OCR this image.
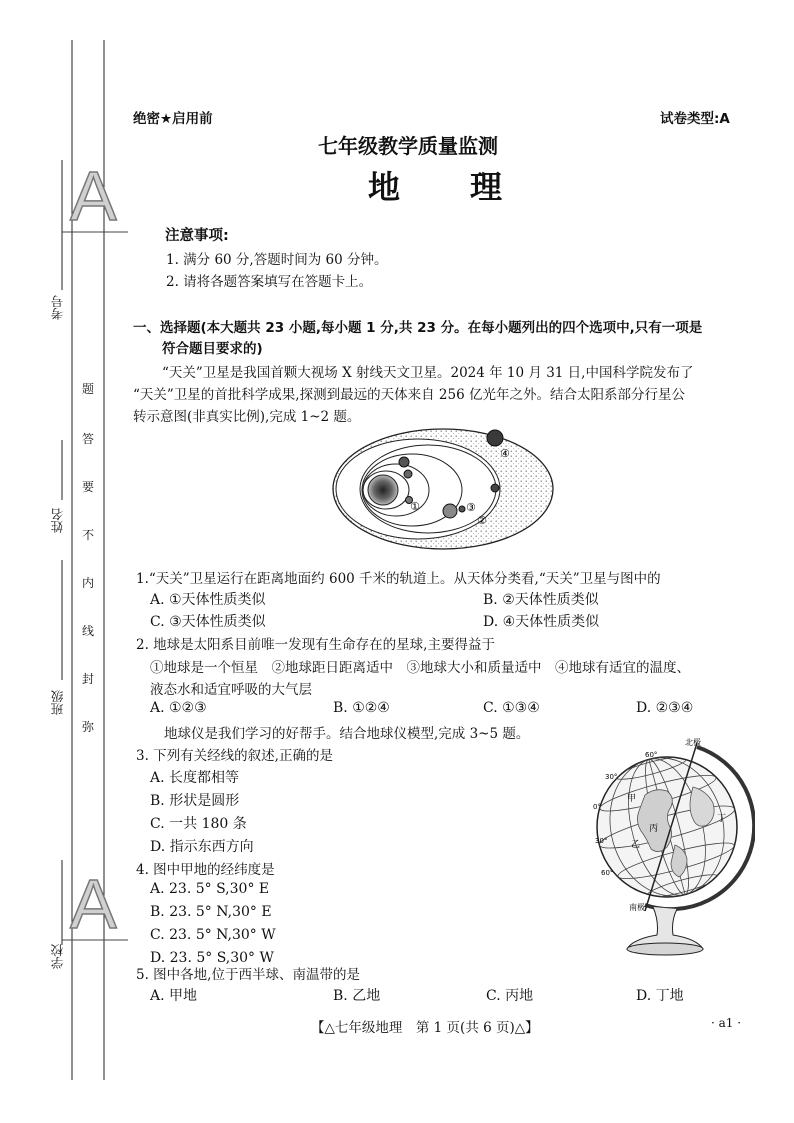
A
A
考号
姓名
班级
学校
题
答
要
不
内
线
封
弥
绝密★启用前	试卷类型:A
七年级教学质量监测
地　　理
注意事项:
1. 满分 60 分,答题时间为 60 分钟。
2. 请将各题答案填写在答题卡上。
一、选择题(本大题共 23 小题,每小题 1 分,共 23 分。在每小题列出的四个选项中,只有一项是
符合题目要求的)
“天关”卫星是我国首颗大视场 X 射线天文卫星。2024 年 10 月 31 日,中国科学院发布了
“天关”卫星的首批科学成果,探测到最远的天体来自 256 亿光年之外。结合太阳系部分行星公
转示意图(非真实比例),完成 1~2 题。
①
②
③
④
1.“天关”卫星运行在距离地面约 600 千米的轨道上。从天体分类看,“天关”卫星与图中的
A. ①天体性质类似	B. ②天体性质类似
C. ③天体性质类似	D. ④天体性质类似
2. 地球是太阳系目前唯一发现有生命存在的星球,主要得益于
①地球是一个恒星　②地球距日距离适中　③地球大小和质量适中　④地球有适宜的温度、
液态水和适宜呼吸的大气层
A. ①②③	B. ①②④	C. ①③④	D. ②③④
地球仪是我们学习的好帮手。结合地球仪模型,完成 3~5 题。
3. 下列有关经线的叙述,正确的是
A. 长度都相等
B. 形状是圆形
C. 一共 180 条
D. 指示东西方向
4. 图中甲地的经纬度是
A. 23. 5° S,30° E
B. 23. 5° N,30° E
C. 23. 5° N,30° W
D. 23. 5° S,30° W
5. 图中各地,位于西半球、南温带的是
A. 甲地	B. 乙地	C. 丙地	D. 丁地
北极
南极
60°
30°
0°
30°
60°
甲
乙
丙
丁
【△七年级地理　第 1 页(共 6 页)△】	· a1 ·
